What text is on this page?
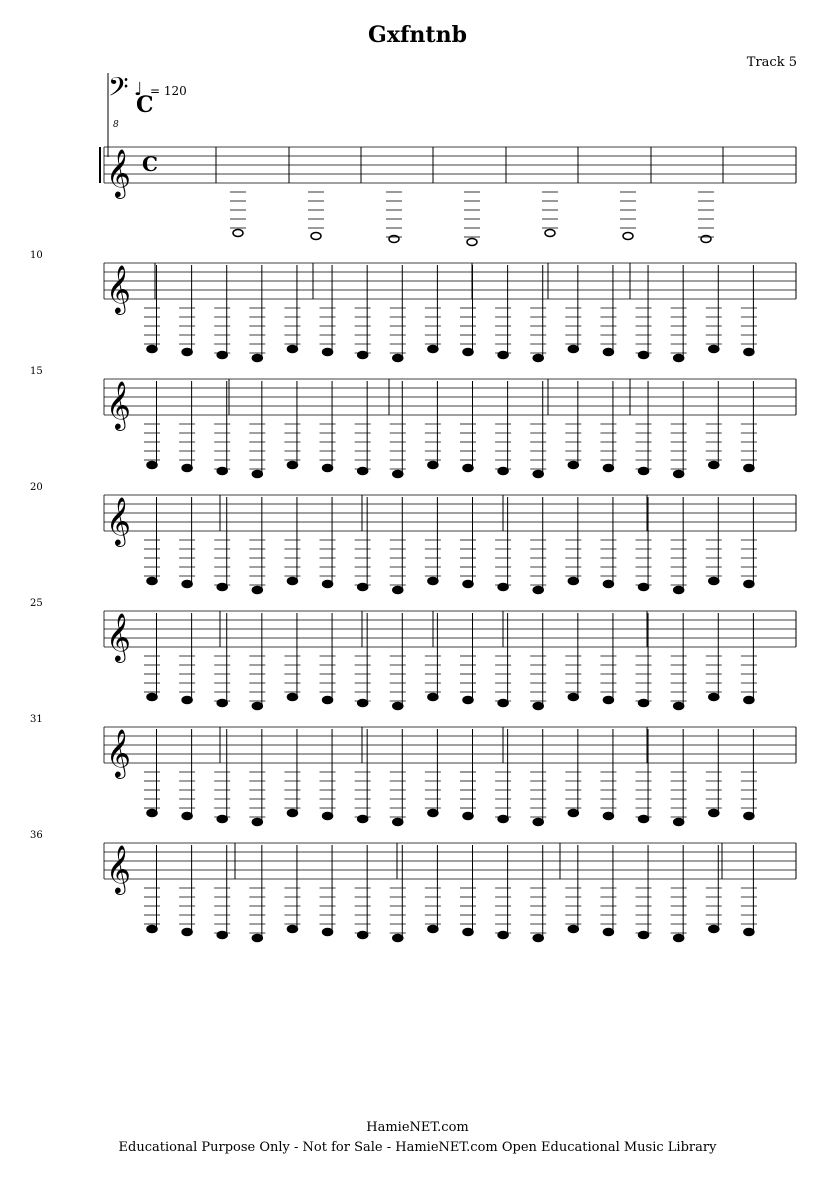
Gxfntnb
Track 5
𝄢
8
♩ = 120
C
𝄞 C
𝄞
10
𝄞
15
𝄞
20
𝄞
25
𝄞
31
𝄞
36
HamieNET.com
Educational Purpose Only - Not for Sale - HamieNET.com Open Educational Music Library
